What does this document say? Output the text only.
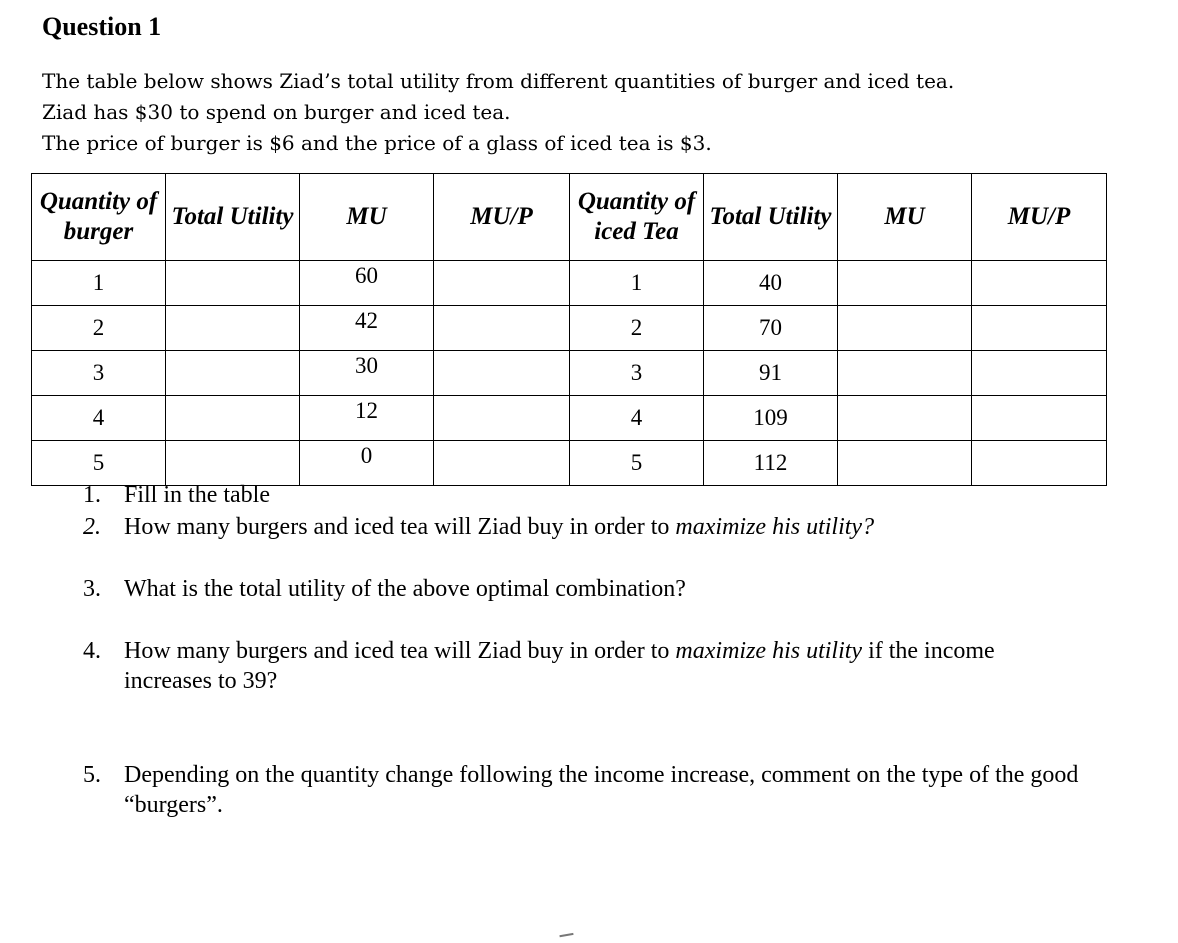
Question 1
The table below shows Ziad’s total utility from different quantities of burger and iced tea.
Ziad has $30 to spend on burger and iced tea.
The price of burger is $6 and the price of a glass of iced tea is $3.
Quantity of burger	Total Utility	MU	MU/P	Quantity of iced Tea	Total Utility	MU	MU/P
1		60		1	40		
2		42		2	70		
3		30		3	91		
4		12		4	109		
5		0		5	112		
1. Fill in the table
2. How many burgers and iced tea will Ziad buy in order to maximize his utility?
3. What is the total utility of the above optimal combination?
4. How many burgers and iced tea will Ziad buy in order to maximize his utility if the income increases to 39?
5. Depending on the quantity change following the income increase, comment on the type of the good “burgers”.
